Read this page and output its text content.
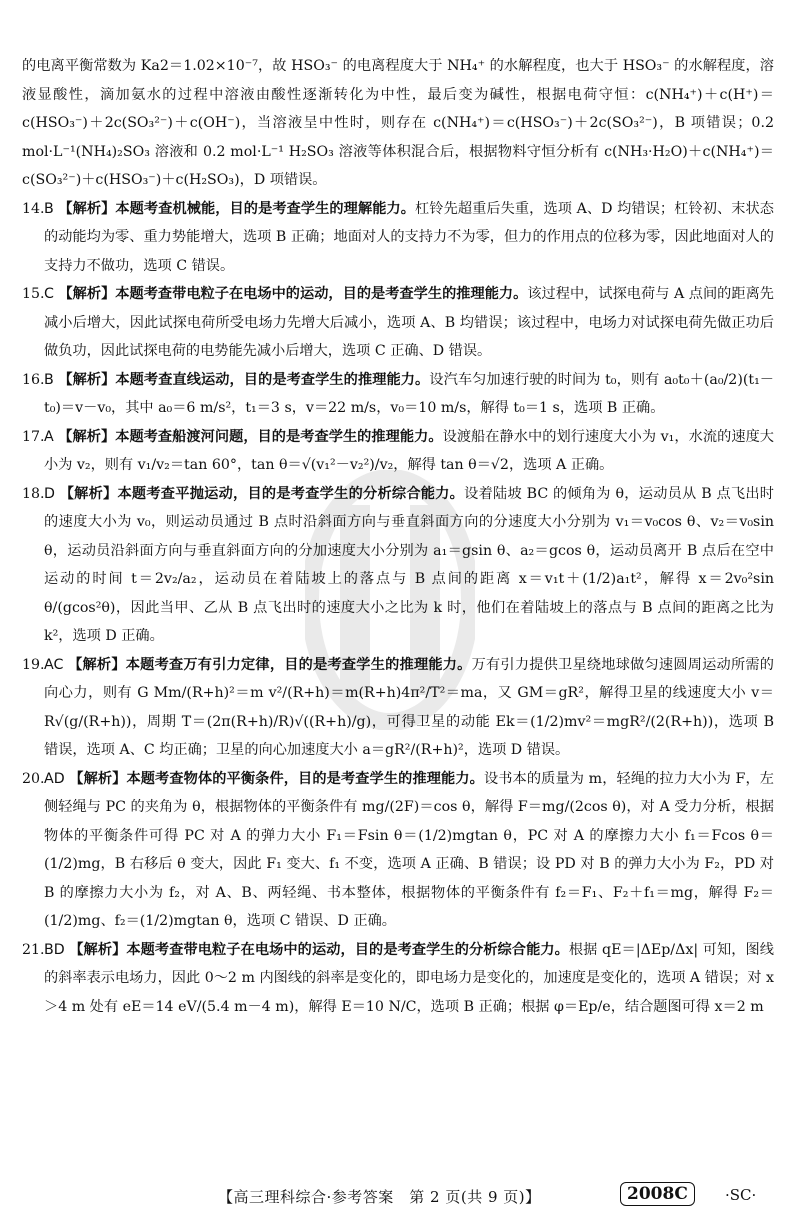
的电离平衡常数为 Ka2＝1.02×10⁻⁷，故 HSO₃⁻ 的电离程度大于 NH₄⁺ 的水解程度，也大于 HSO₃⁻ 的水解程度，溶液显酸性，滴加氨水的过程中溶液由酸性逐渐转化为中性，最后变为碱性，根据电荷守恒：c(NH₄⁺)＋c(H⁺)＝c(HSO₃⁻)＋2c(SO₃²⁻)＋c(OH⁻)，当溶液呈中性时，则存在 c(NH₄⁺)＝c(HSO₃⁻)＋2c(SO₃²⁻)，B 项错误；0.2 mol·L⁻¹(NH₄)₂SO₃ 溶液和 0.2 mol·L⁻¹ H₂SO₃ 溶液等体积混合后，根据物料守恒分析有 c(NH₃·H₂O)＋c(NH₄⁺)＝c(SO₃²⁻)＋c(HSO₃⁻)＋c(H₂SO₃)，D 项错误。

14. B 【解析】本题考查机械能，目的是考查学生的理解能力。杠铃先超重后失重，选项 A、D 均错误；杠铃初、末状态的动能均为零、重力势能增大，选项 B 正确；地面对人的支持力不为零，但力的作用点的位移为零，因此地面对人的支持力不做功，选项 C 错误。
15. C 【解析】本题考查带电粒子在电场中的运动，目的是考查学生的推理能力。该过程中，试探电荷与 A 点间的距离先减小后增大，因此试探电荷所受电场力先增大后减小，选项 A、B 均错误；该过程中，电场力对试探电荷先做正功后做负功，因此试探电荷的电势能先减小后增大，选项 C 正确、D 错误。
16. B 【解析】本题考查直线运动，目的是考查学生的推理能力。设汽车匀加速行驶的时间为 t₀，则有 a₀t₀＋(a₀/2)(t₁－t₀)＝v－v₀，其中 a₀＝6 m/s²，t₁＝3 s，v＝22 m/s，v₀＝10 m/s，解得 t₀＝1 s，选项 B 正确。
17. A 【解析】本题考查船渡河问题，目的是考查学生的推理能力。设渡船在静水中的划行速度大小为 v₁，水流的速度大小为 v₂，则有 v₁/v₂＝tan 60°，tan θ＝√(v₁²－v₂²)/v₂，解得 tan θ＝√2，选项 A 正确。
18. D 【解析】本题考查平抛运动，目的是考查学生的分析综合能力。设着陆坡 BC 的倾角为 θ，运动员从 B 点飞出时的速度大小为 v₀，则运动员通过 B 点时沿斜面方向与垂直斜面方向的分速度大小分别为 v₁＝v₀cos θ、v₂＝v₀sin θ，运动员沿斜面方向与垂直斜面方向的分加速度大小分别为 a₁＝gsin θ、a₂＝gcos θ，运动员离开 B 点后在空中运动的时间 t＝2v₂/a₂，运动员在着陆坡上的落点与 B 点间的距离 x＝v₁t＋(1/2)a₁t²，解得 x＝2v₀²sin θ/(gcos²θ)，因此当甲、乙从 B 点飞出时的速度大小之比为 k 时，他们在着陆坡上的落点与 B 点间的距离之比为 k²，选项 D 正确。
19. AC 【解析】本题考查万有引力定律，目的是考查学生的推理能力。万有引力提供卫星绕地球做匀速圆周运动所需的向心力，则有 G Mm/(R+h)²＝m v²/(R+h)＝m(R+h)4π²/T²＝ma，又 GM＝gR²，解得卫星的线速度大小 v＝R√(g/(R+h))，周期 T＝(2π(R+h)/R)√((R+h)/g)，可得卫星的动能 Ek＝(1/2)mv²＝mgR²/(2(R+h))，选项 B 错误，选项 A、C 均正确；卫星的向心加速度大小 a＝gR²/(R+h)²，选项 D 错误。
20. AD 【解析】本题考查物体的平衡条件，目的是考查学生的推理能力。设书本的质量为 m，轻绳的拉力大小为 F，左侧轻绳与 PC 的夹角为 θ，根据物体的平衡条件有 mg/(2F)＝cos θ，解得 F＝mg/(2cos θ)，对 A 受力分析，根据物体的平衡条件可得 PC 对 A 的弹力大小 F₁＝Fsin θ＝(1/2)mgtan θ，PC 对 A 的摩擦力大小 f₁＝Fcos θ＝(1/2)mg，B 右移后 θ 变大，因此 F₁ 变大、f₁ 不变，选项 A 正确、B 错误；设 PD 对 B 的弹力大小为 F₂，PD 对 B 的摩擦力大小为 f₂，对 A、B、两轻绳、书本整体，根据物体的平衡条件有 f₂＝F₁、F₂＋f₁＝mg，解得 F₂＝(1/2)mg、f₂＝(1/2)mgtan θ，选项 C 错误、D 正确。
21. BD 【解析】本题考查带电粒子在电场中的运动，目的是考查学生的分析综合能力。根据 qE＝|ΔEp/Δx| 可知，图线的斜率表示电场力，因此 0～2 m 内图线的斜率是变化的，即电场力是变化的，加速度是变化的，选项 A 错误；对 x＞4 m 处有 eE＝14 eV/(5.4 m－4 m)，解得 E＝10 N/C，选项 B 正确；根据 φ＝Ep/e，结合题图可得 x＝2 m
【高三理科综合·参考答案　第 2 页(共 9 页)】	2008C	·SC·
